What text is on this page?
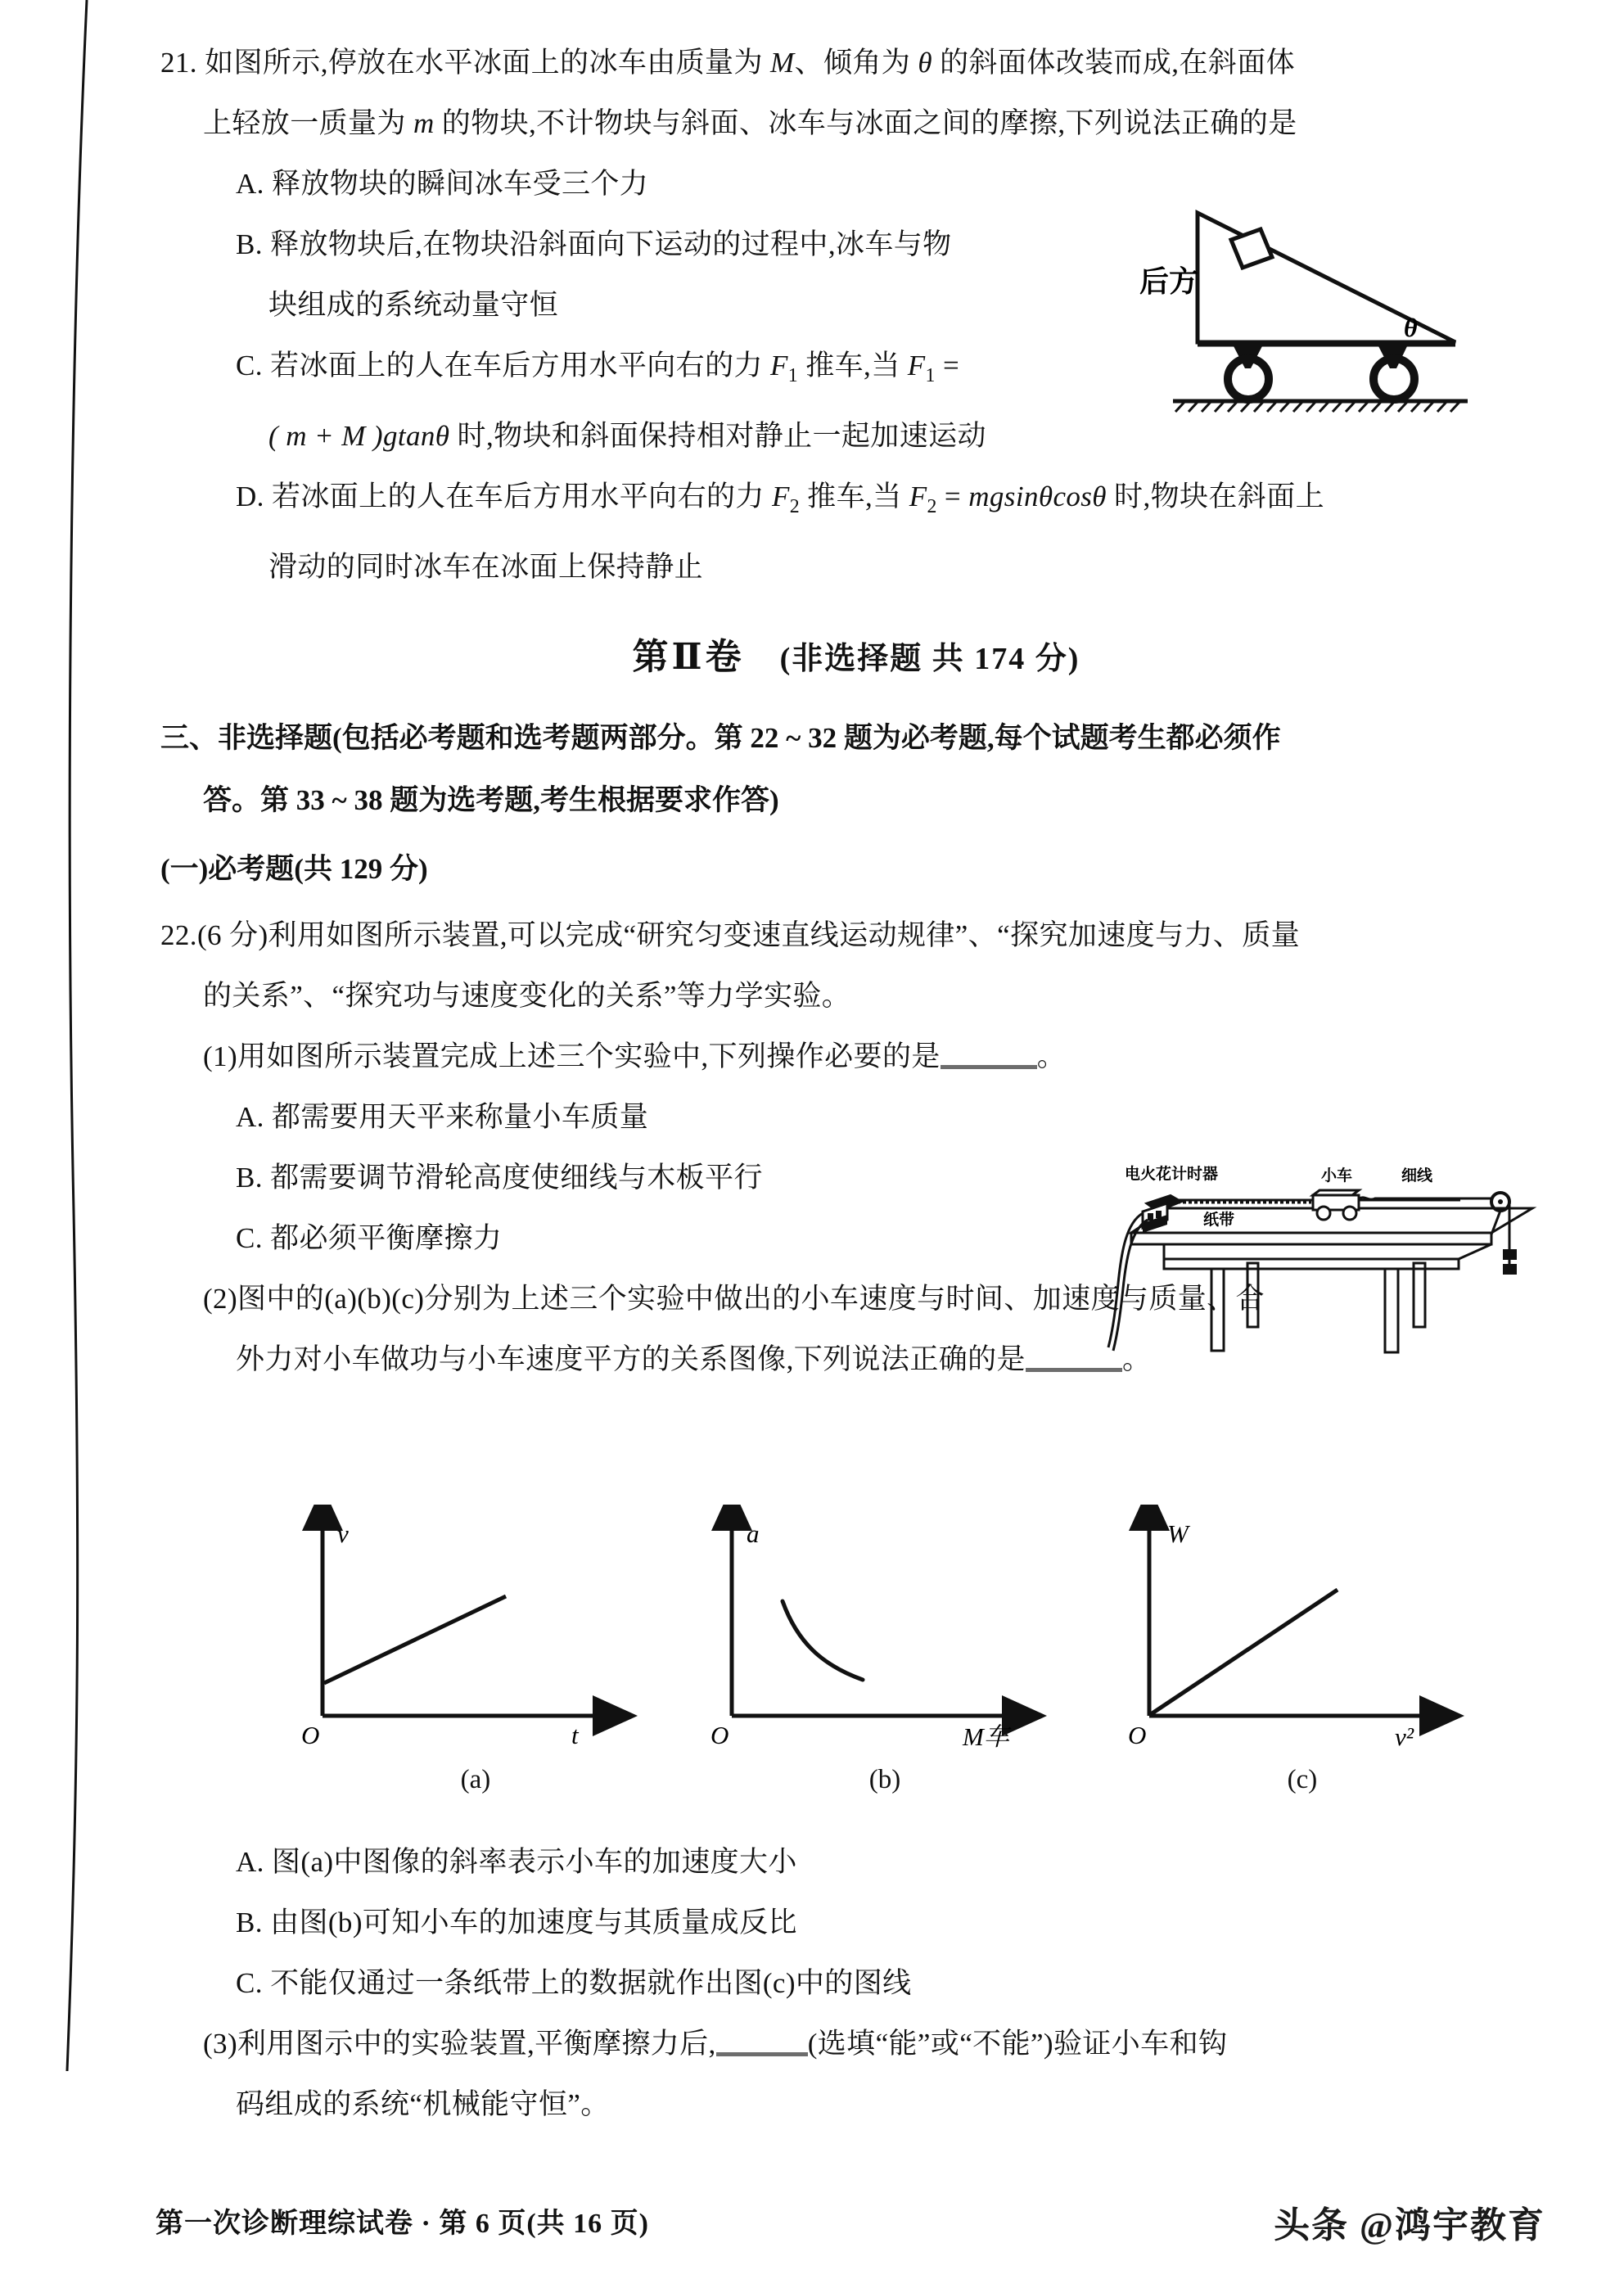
21. 如图所示,停放在水平冰面上的冰车由质量为 M、倾角为 θ 的斜面体改装而成,在斜面体
上轻放一质量为 m 的物块,不计物块与斜面、冰车与冰面之间的摩擦,下列说法正确的是
A. 释放物块的瞬间冰车受三个力
B. 释放物块后,在物块沿斜面向下运动的过程中,冰车与物
块组成的系统动量守恒
C. 若冰面上的人在车后方用水平向右的力 $F_1$ 推车,当 $F_1$ =
( m + M )gtanθ 时,物块和斜面保持相对静止一起加速运动
D. 若冰面上的人在车后方用水平向右的力 $F_2$ 推车,当 $F_2 = mgsin\theta\cos\theta$ 时,物块在斜面上
滑动的同时冰车在冰面上保持静止
第Ⅱ卷 (非选择题 共 174 分)
三、非选择题(包括必考题和选考题两部分。第 22 ~ 32 题为必考题,每个试题考生都必须作
答。第 33 ~ 38 题为选考题,考生根据要求作答)
(一)必考题(共 129 分)
22.(6 分)利用如图所示装置,可以完成“研究匀变速直线运动规律”、“探究加速度与力、质量
的关系”、“探究功与速度变化的关系”等力学实验。
(1)用如图所示装置完成上述三个实验中,下列操作必要的是	。
A. 都需要用天平来称量小车质量
B. 都需要调节滑轮高度使细线与木板平行
C. 都必须平衡摩擦力
(2)图中的(a)(b)(c)分别为上述三个实验中做出的小车速度与时间、加速度与质量、合
外力对小车做功与小车速度平方的关系图像,下列说法正确的是	。
后方
θ
电火花计时器
纸带
小车	细线
v
t
O
(a)
a
M车
O
(b)
W
v²
O
(c)
A. 图(a)中图像的斜率表示小车的加速度大小
B. 由图(b)可知小车的加速度与其质量成反比
C. 不能仅通过一条纸带上的数据就作出图(c)中的图线
(3)利用图示中的实验装置,平衡摩擦力后,	(选填“能”或“不能”)验证小车和钩
码组成的系统“机械能守恒”。
第一次诊断理综试卷 · 第 6 页(共 16 页)	头条 @鸿宇教育
